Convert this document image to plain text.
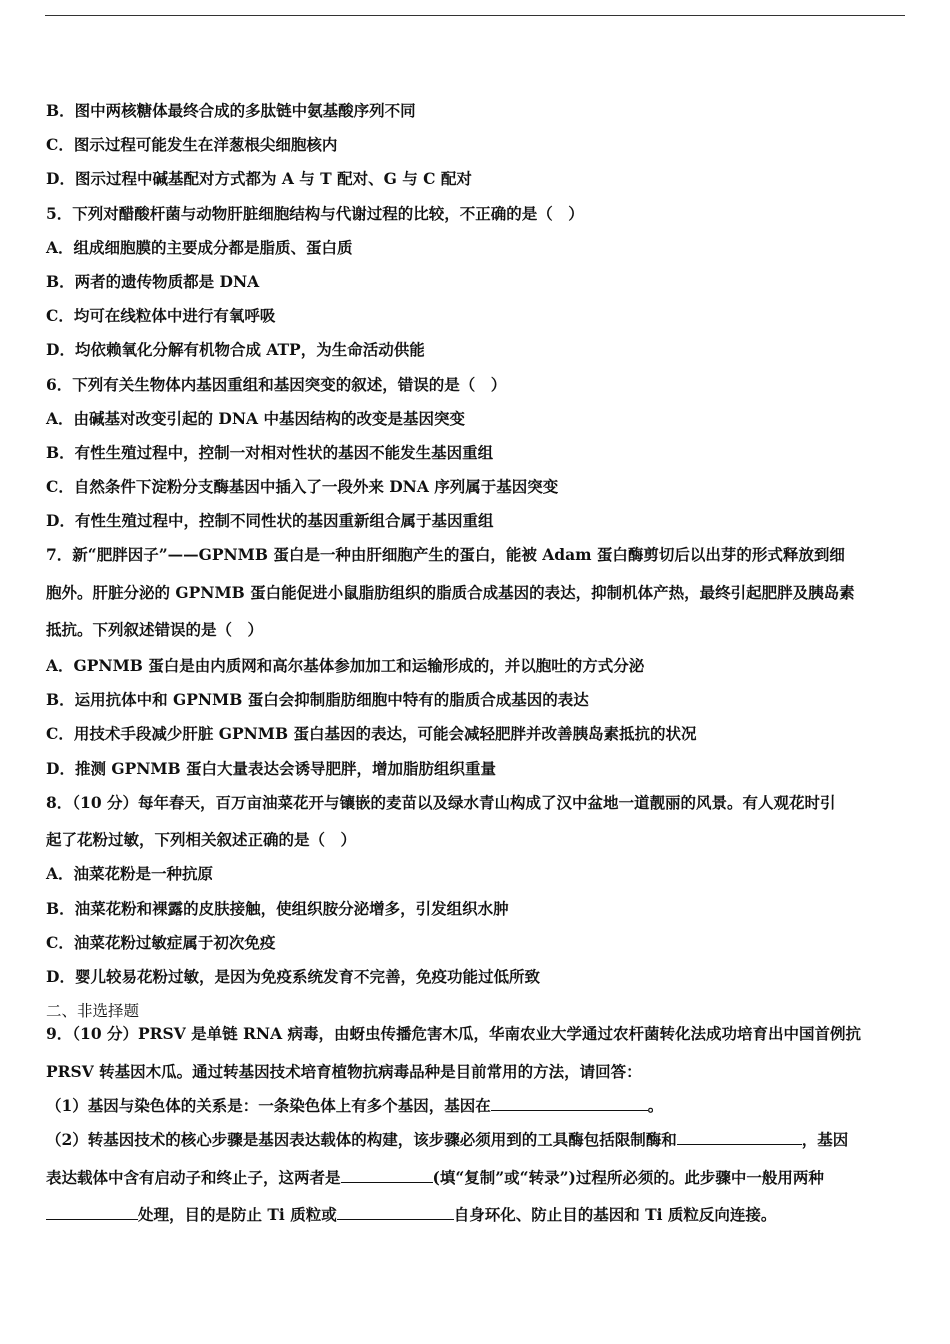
B．图中两核糖体最终合成的多肽链中氨基酸序列不同
C．图示过程可能发生在洋葱根尖细胞核内
D．图示过程中碱基配对方式都为 A 与 T 配对、G 与 C 配对
5．下列对醋酸杆菌与动物肝脏细胞结构与代谢过程的比较，不正确的是（　）
A．组成细胞膜的主要成分都是脂质、蛋白质
B．两者的遗传物质都是 DNA
C．均可在线粒体中进行有氧呼吸
D．均依赖氧化分解有机物合成 ATP，为生命活动供能
6．下列有关生物体内基因重组和基因突变的叙述，错误的是（　）
A．由碱基对改变引起的 DNA 中基因结构的改变是基因突变
B．有性生殖过程中，控制一对相对性状的基因不能发生基因重组
C．自然条件下淀粉分支酶基因中插入了一段外来 DNA 序列属于基因突变
D．有性生殖过程中，控制不同性状的基因重新组合属于基因重组
7．新“肥胖因子”——GPNMB 蛋白是一种由肝细胞产生的蛋白，能被 Adam 蛋白酶剪切后以出芽的形式释放到细
胞外。肝脏分泌的 GPNMB 蛋白能促进小鼠脂肪组织的脂质合成基因的表达，抑制机体产热，最终引起肥胖及胰岛素
抵抗。下列叙述错误的是（　）
A．GPNMB 蛋白是由内质网和高尔基体参加加工和运输形成的，并以胞吐的方式分泌
B．运用抗体中和 GPNMB 蛋白会抑制脂肪细胞中特有的脂质合成基因的表达
C．用技术手段减少肝脏 GPNMB 蛋白基因的表达，可能会减轻肥胖并改善胰岛素抵抗的状况
D．推测 GPNMB 蛋白大量表达会诱导肥胖，增加脂肪组织重量
8．（10 分）每年春天，百万亩油菜花开与镶嵌的麦苗以及绿水青山构成了汉中盆地一道靓丽的风景。有人观花时引
起了花粉过敏，下列相关叙述正确的是（　）
A．油菜花粉是一种抗原
B．油菜花粉和裸露的皮肤接触，使组织胺分泌增多，引发组织水肿
C．油菜花粉过敏症属于初次免疫
D．婴儿较易花粉过敏，是因为免疫系统发育不完善，免疫功能过低所致
二、非选择题
9．（10 分）PRSV 是单链 RNA 病毒，由蚜虫传播危害木瓜，华南农业大学通过农杆菌转化法成功培育出中国首例抗
PRSV 转基因木瓜。通过转基因技术培育植物抗病毒品种是目前常用的方法，请回答：
（1）基因与染色体的关系是：一条染色体上有多个基因，基因在	。
（2）转基因技术的核心步骤是基因表达载体的构建，该步骤必须用到的工具酶包括限制酶和	，基因
表达载体中含有启动子和终止子，这两者是	(填“复制”或“转录”)过程所必须的。此步骤中一般用两种
处理，目的是防止 Ti 质粒或	自身环化、防止目的基因和 Ti 质粒反向连接。
